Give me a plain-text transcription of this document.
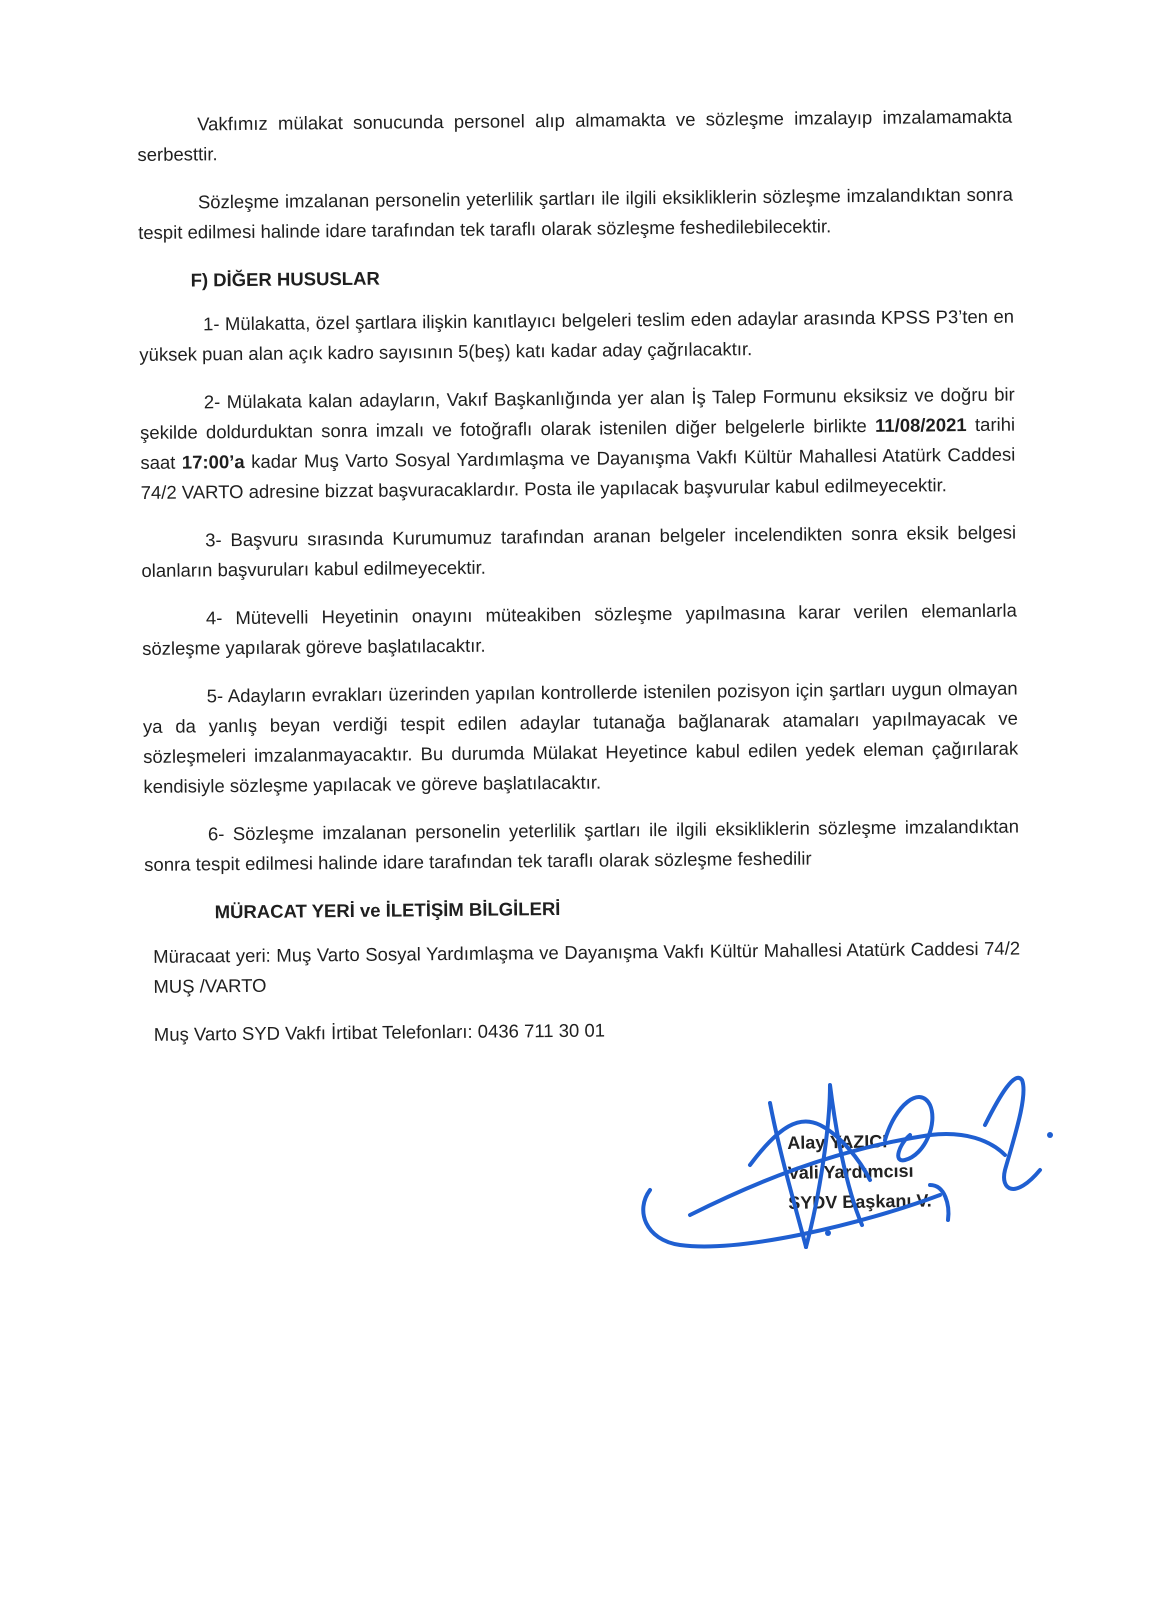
Vakfımız mülakat sonucunda personel alıp almamakta ve sözleşme imzalayıp imzalamamakta serbesttir.

Sözleşme imzalanan personelin yeterlilik şartları ile ilgili eksikliklerin sözleşme imzalandıktan sonra tespit edilmesi halinde idare tarafından tek taraflı olarak sözleşme feshedilebilecektir.

F) DİĞER HUSUSLAR

1- Mülakatta, özel şartlara ilişkin kanıtlayıcı belgeleri teslim eden adaylar arasında KPSS P3’ten en yüksek puan alan açık kadro sayısının 5(beş) katı kadar aday çağrılacaktır.

2- Mülakata kalan adayların, Vakıf Başkanlığında yer alan İş Talep Formunu eksiksiz ve doğru bir şekilde doldurduktan sonra imzalı ve fotoğraflı olarak istenilen diğer belgelerle birlikte 11/08/2021 tarihi saat 17:00’a kadar Muş Varto Sosyal Yardımlaşma ve Dayanışma Vakfı Kültür Mahallesi Atatürk Caddesi 74/2 VARTO adresine bizzat başvuracaklardır. Posta ile yapılacak başvurular kabul edilmeyecektir.

3- Başvuru sırasında Kurumumuz tarafından aranan belgeler incelendikten sonra eksik belgesi olanların başvuruları kabul edilmeyecektir.

4- Mütevelli Heyetinin onayını müteakiben sözleşme yapılmasına karar verilen elemanlarla sözleşme yapılarak göreve başlatılacaktır.

5- Adayların evrakları üzerinden yapılan kontrollerde istenilen pozisyon için şartları uygun olmayan ya da yanlış beyan verdiği tespit edilen adaylar tutanağa bağlanarak atamaları yapılmayacak ve sözleşmeleri imzalanmayacaktır. Bu durumda Mülakat Heyetince kabul edilen yedek eleman çağırılarak kendisiyle sözleşme yapılacak ve göreve başlatılacaktır.

6- Sözleşme imzalanan personelin yeterlilik şartları ile ilgili eksikliklerin sözleşme imzalandıktan sonra tespit edilmesi halinde idare tarafından tek taraflı olarak sözleşme feshedilir

MÜRACAT YERİ ve İLETİŞİM BİLGİLERİ

Müracaat yeri: Muş Varto Sosyal Yardımlaşma ve Dayanışma Vakfı Kültür Mahallesi Atatürk Caddesi 74/2 MUŞ /VARTO

Muş Varto SYD Vakfı İrtibat Telefonları: 0436 711 30 01

Alay YAZICI
Vali Yardımcısı
SYDV Başkanı V.
